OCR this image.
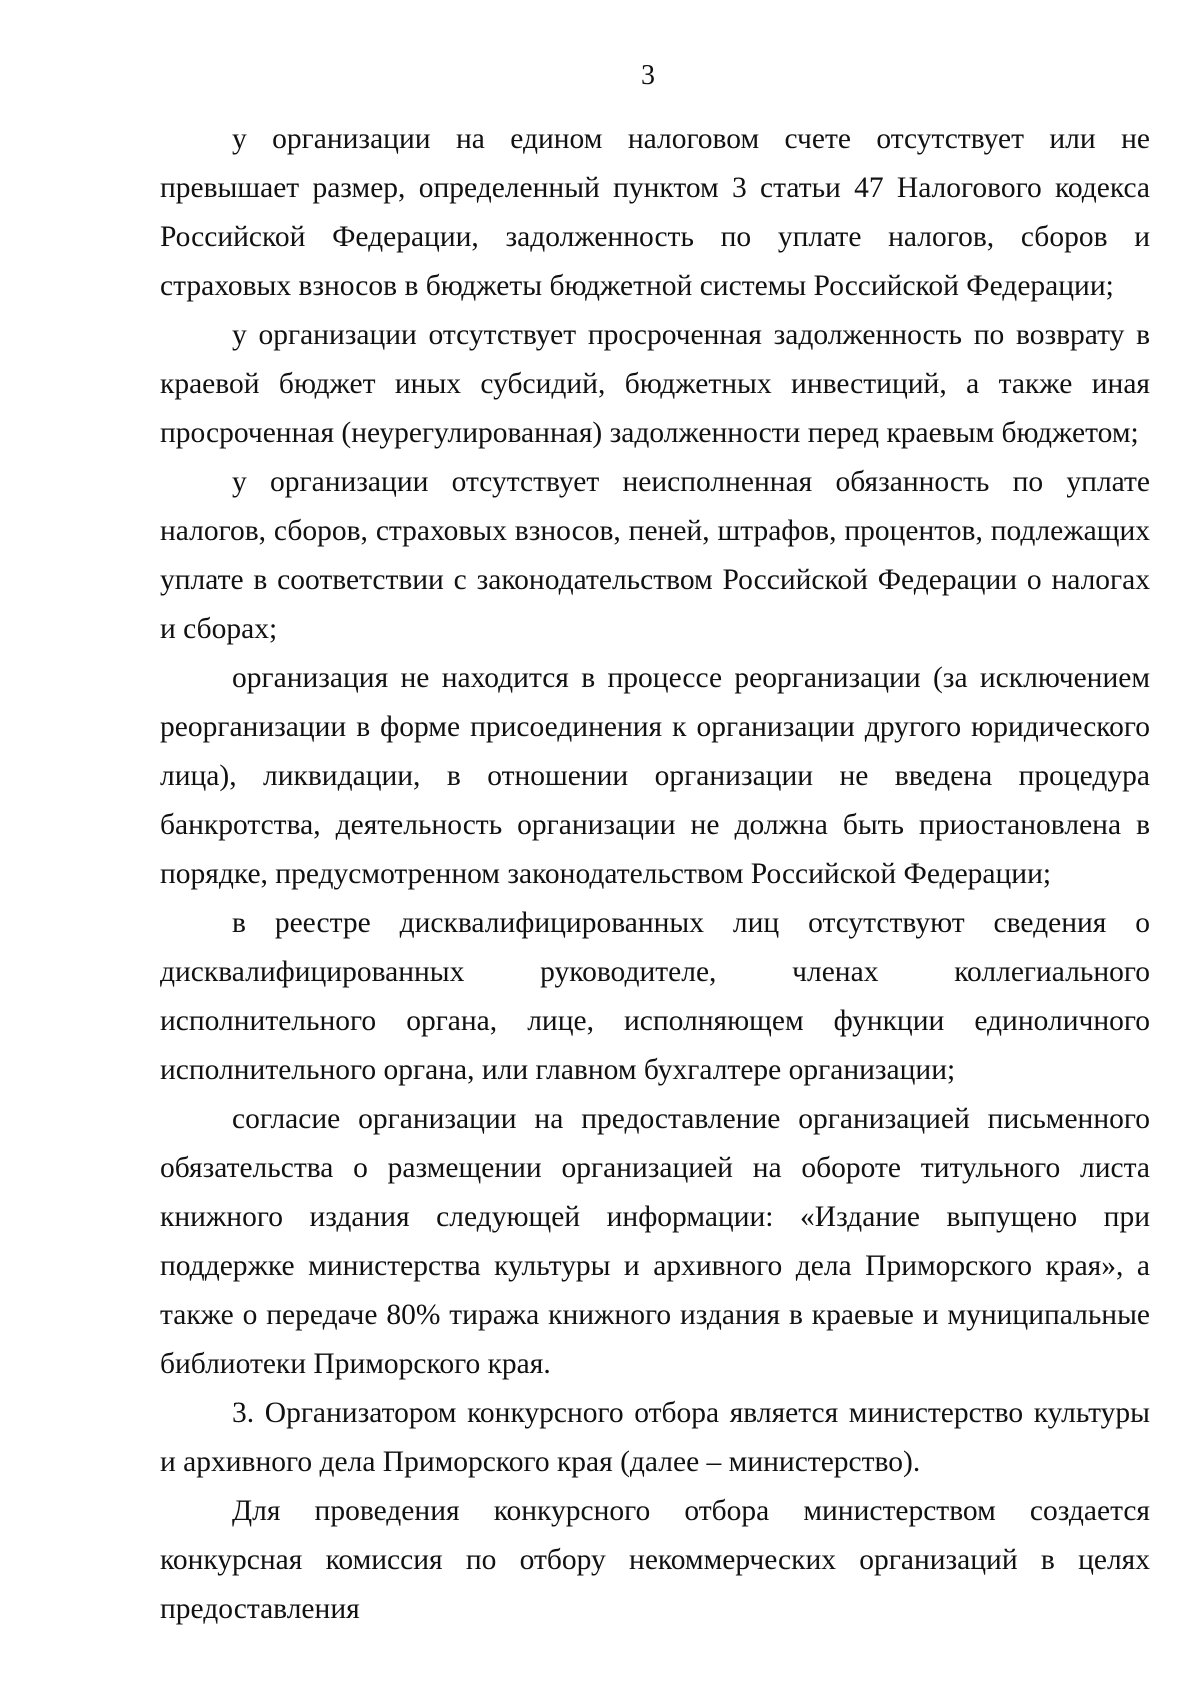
3

у организации на едином налоговом счете отсутствует или не превышает размер, определенный пунктом 3 статьи 47 Налогового кодекса Российской Федерации, задолженность по уплате налогов, сборов и страховых взносов в бюджеты бюджетной системы Российской Федерации;

у организации отсутствует просроченная задолженность по возврату в краевой бюджет иных субсидий, бюджетных инвестиций, а также иная просроченная (неурегулированная) задолженности перед краевым бюджетом;

у организации отсутствует неисполненная обязанность по уплате налогов, сборов, страховых взносов, пеней, штрафов, процентов, подлежащих уплате в соответствии с законодательством Российской Федерации о налогах и сборах;

организация не находится в процессе реорганизации (за исключением реорганизации в форме присоединения к организации другого юридического лица), ликвидации, в отношении организации не введена процедура банкротства, деятельность организации не должна быть приостановлена в порядке, предусмотренном законодательством Российской Федерации;

в реестре дисквалифицированных лиц отсутствуют сведения о дисквалифицированных руководителе, членах коллегиального исполнительного органа, лице, исполняющем функции единоличного исполнительного органа, или главном бухгалтере организации;

согласие организации на предоставление организацией письменного обязательства о размещении организацией на обороте титульного листа книжного издания следующей информации: «Издание выпущено при поддержке министерства культуры и архивного дела Приморского края», а также о передаче 80% тиража книжного издания в краевые и муниципальные библиотеки Приморского края.

3. Организатором конкурсного отбора является министерство культуры и архивного дела Приморского края (далее – министерство).

Для проведения конкурсного отбора министерством создается конкурсная комиссия по отбору некоммерческих организаций в целях предоставления
